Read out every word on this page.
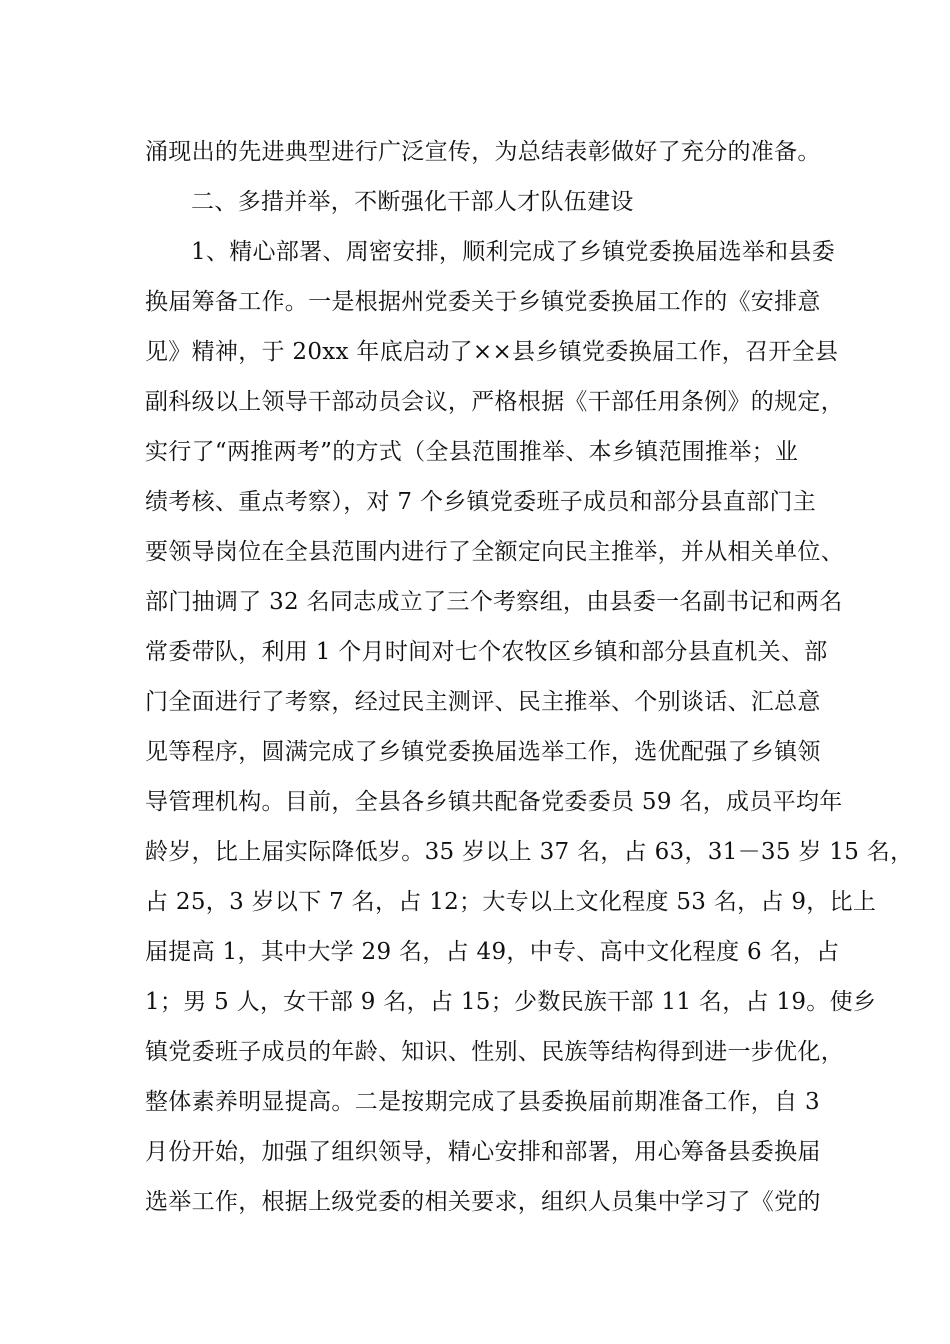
涌现出的先进典型进行广泛宣传，为总结表彰做好了充分的准备。
二、多措并举，不断强化干部人才队伍建设
1、精心部署、周密安排，顺利完成了乡镇党委换届选举和县委
换届筹备工作。一是根据州党委关于乡镇党委换届工作的《安排意
见》精神，于 20xx 年底启动了××县乡镇党委换届工作，召开全县
副科级以上领导干部动员会议，严格根据《干部任用条例》的规定，
实行了“两推两考”的方式（全县范围推举、本乡镇范围推举；业
绩考核、重点考察），对 7 个乡镇党委班子成员和部分县直部门主
要领导岗位在全县范围内进行了全额定向民主推举，并从相关单位、
部门抽调了 32 名同志成立了三个考察组，由县委一名副书记和两名
常委带队，利用 1 个月时间对七个农牧区乡镇和部分县直机关、部
门全面进行了考察，经过民主测评、民主推举、个别谈话、汇总意
见等程序，圆满完成了乡镇党委换届选举工作，选优配强了乡镇领
导管理机构。目前，全县各乡镇共配备党委委员 59 名，成员平均年
龄岁，比上届实际降低岁。35 岁以上 37 名，占 63，31－35 岁 15 名，
占 25，3 岁以下 7 名，占 12；大专以上文化程度 53 名，占 9，比上
届提高 1，其中大学 29 名，占 49，中专、高中文化程度 6 名，占
1；男 5 人，女干部 9 名，占 15；少数民族干部 11 名，占 19。使乡
镇党委班子成员的年龄、知识、性别、民族等结构得到进一步优化，
整体素养明显提高。二是按期完成了县委换届前期准备工作，自 3
月份开始，加强了组织领导，精心安排和部署，用心筹备县委换届
选举工作，根据上级党委的相关要求，组织人员集中学习了《党的
